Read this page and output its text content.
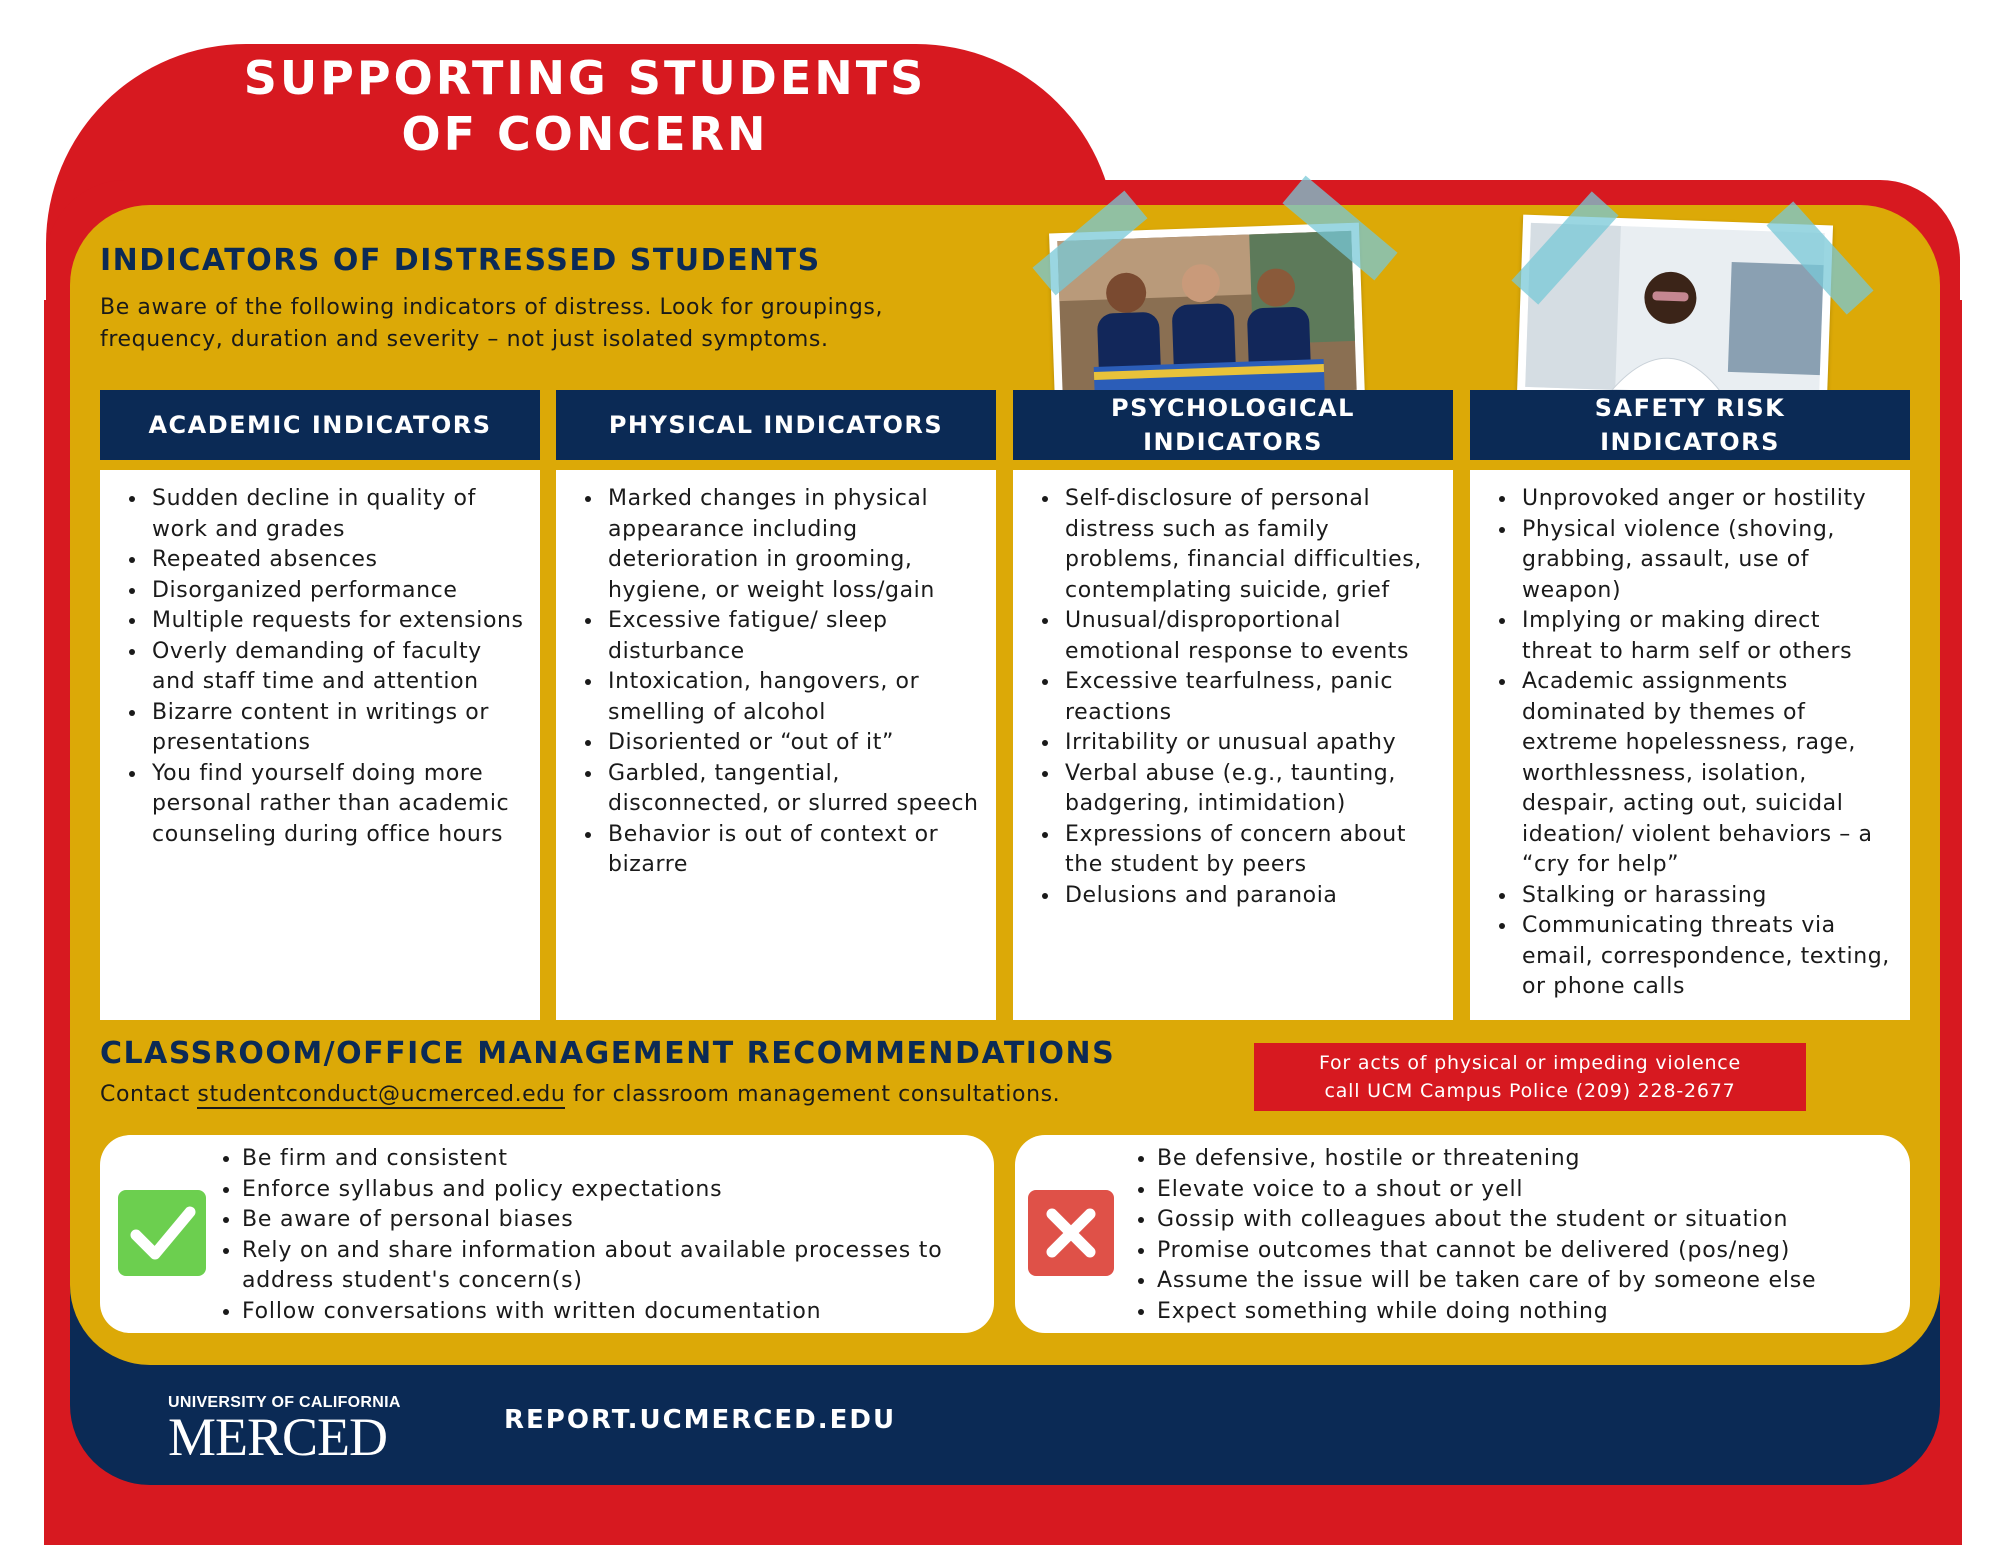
SUPPORTING STUDENTS
OF CONCERN
INDICATORS OF DISTRESSED STUDENTS
Be aware of the following indicators of distress. Look for groupings, frequency, duration and severity – not just isolated symptoms.
ACADEMIC INDICATORS	PHYSICAL INDICATORS
PSYCHOLOGICAL
INDICATORS
SAFETY RISK
INDICATORS
• Sudden decline in quality of work and grades
• Repeated absences
• Disorganized performance
• Multiple requests for extensions
• Overly demanding of faculty and staff time and attention
• Bizarre content in writings or presentations
• You find yourself doing more personal rather than academic counseling during office hours
• Marked changes in physical appearance including deterioration in grooming, hygiene, or weight loss/gain
• Excessive fatigue/ sleep disturbance
• Intoxication, hangovers, or smelling of alcohol
• Disoriented or “out of it”
• Garbled, tangential, disconnected, or slurred speech
• Behavior is out of context or bizarre
• Self-disclosure of personal distress such as family problems, financial difficulties, contemplating suicide, grief
• Unusual/disproportional emotional response to events
• Excessive tearfulness, panic reactions
• Irritability or unusual apathy
• Verbal abuse (e.g., taunting, badgering, intimidation)
• Expressions of concern about the student by peers
• Delusions and paranoia
• Unprovoked anger or hostility
• Physical violence (shoving, grabbing, assault, use of weapon)
• Implying or making direct threat to harm self or others
• Academic assignments dominated by themes of extreme hopelessness, rage, worthlessness, isolation, despair, acting out, suicidal ideation/ violent behaviors – a “cry for help”
• Stalking or harassing
• Communicating threats via email, correspondence, texting, or phone calls
CLASSROOM/OFFICE MANAGEMENT RECOMMENDATIONS
Contact studentconduct@ucmerced.edu for classroom management consultations.
For acts of physical or impeding violence
call UCM Campus Police (209) 228-2677
• Be firm and consistent
• Enforce syllabus and policy expectations
• Be aware of personal biases
• Rely on and share information about available processes to address student's concern(s)
• Follow conversations with written documentation
• Be defensive, hostile or threatening
• Elevate voice to a shout or yell
• Gossip with colleagues about the student or situation
• Promise outcomes that cannot be delivered (pos/neg)
• Assume the issue will be taken care of by someone else
• Expect something while doing nothing
UNIVERSITY OF CALIFORNIA
MERCED	REPORT.UCMERCED.EDU
